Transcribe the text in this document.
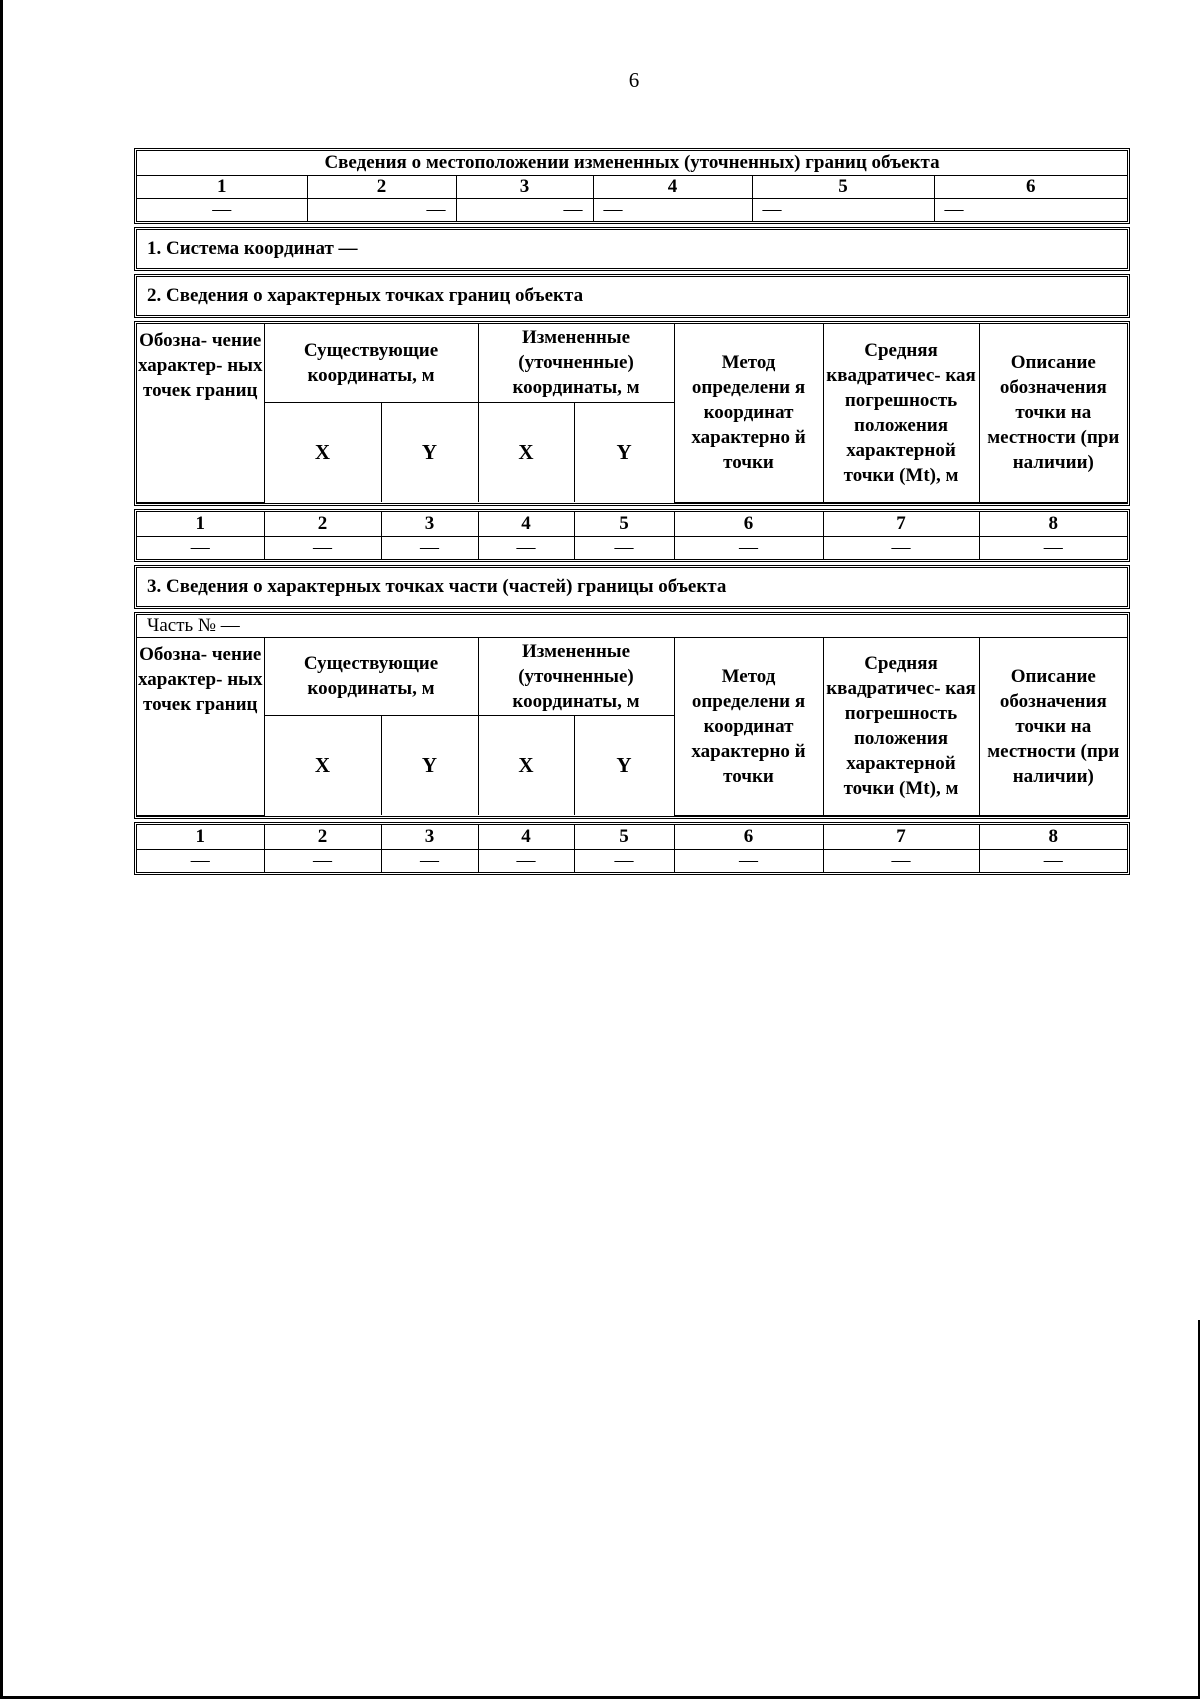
6
Сведения о местоположении измененных (уточненных) границ объекта					
1	2	3	4	5	6
—	—	—	—	—	—
1. Система координат —
2. Сведения о характерных точках границ объекта
Обозна- чение характер- ных точек границ	Существующие координаты, м		Измененные (уточненные) координаты, м		Метод определени я координат характерно й точки	Средняя квадратичес- кая погрешность положения характерной точки (Mt), м	Описание обозначения точки на местности (при наличии)
	X	Y	X	Y			
1	2	3	4	5	6	7	8
—	—	—	—	—	—	—	—
3. Сведения о характерных точках части (частей) границы объекта
Часть № —							
Обозна- чение характер- ных точек границ	Существующие координаты, м		Измененные (уточненные) координаты, м		Метод определени я координат характерно й точки	Средняя квадратичес- кая погрешность положения характерной точки (Mt), м	Описание обозначения точки на местности (при наличии)
	X	Y	X	Y			
1	2	3	4	5	6	7	8
—	—	—	—	—	—	—	—
